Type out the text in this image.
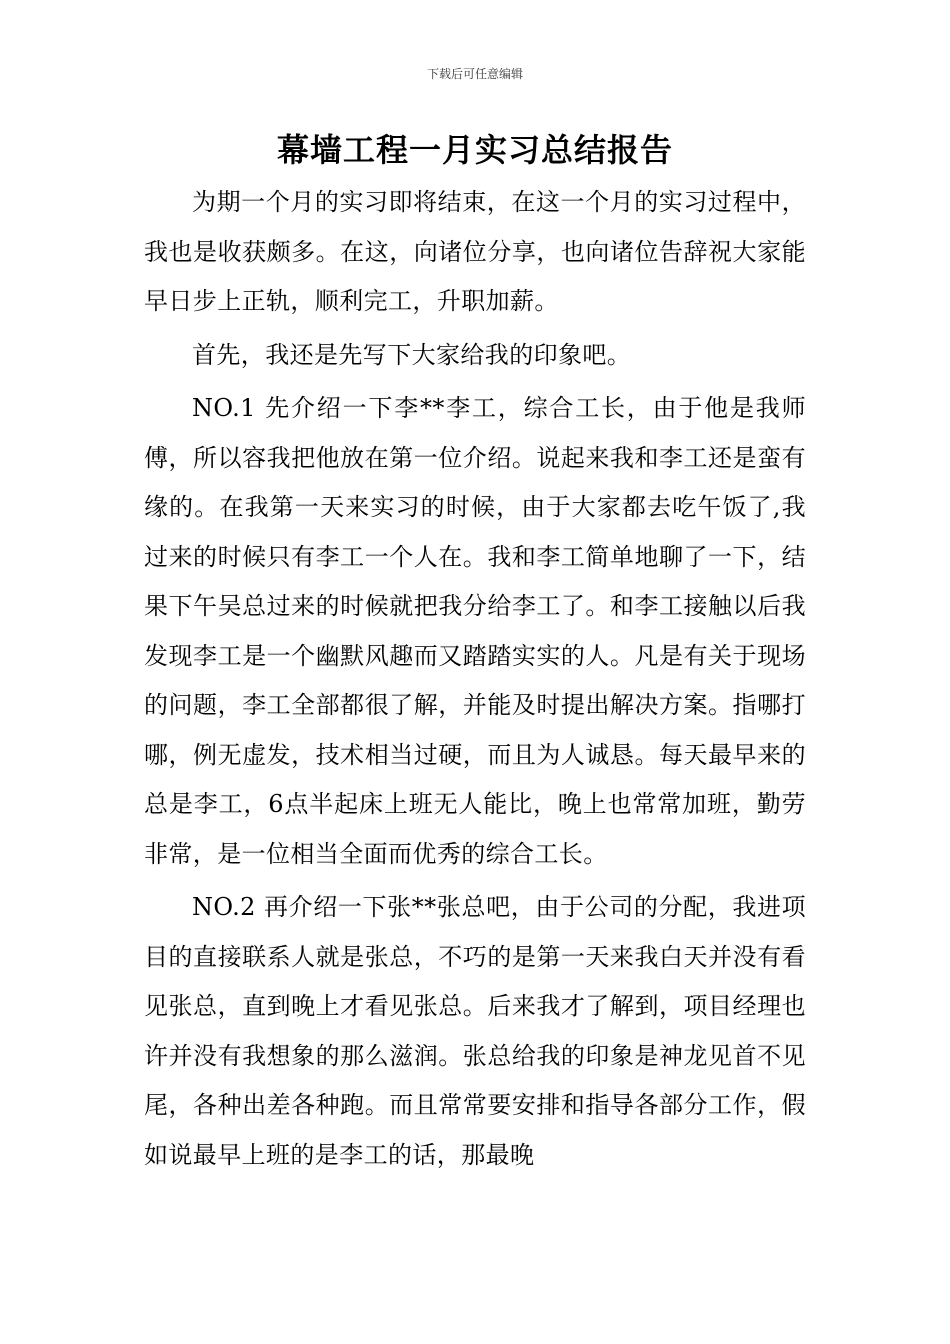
下载后可任意编辑
幕墙工程一月实习总结报告

为期一个月的实习即将结束，在这一个月的实习过程中，我也是收获颇多。在这，向诸位分享，也向诸位告辞祝大家能早日步上正轨，顺利完工，升职加薪。

首先，我还是先写下大家给我的印象吧。

NO.1 先介绍一下李**李工，综合工长，由于他是我师傅，所以容我把他放在第一位介绍。说起来我和李工还是蛮有缘的。在我第一天来实习的时候，由于大家都去吃午饭了,我过来的时候只有李工一个人在。我和李工简单地聊了一下，结果下午吴总过来的时候就把我分给李工了。和李工接触以后我发现李工是一个幽默风趣而又踏踏实实的人。凡是有关于现场的问题，李工全部都很了解，并能及时提出解决方案。指哪打哪，例无虚发，技术相当过硬，而且为人诚恳。每天最早来的总是李工，6点半起床上班无人能比，晚上也常常加班，勤劳非常，是一位相当全面而优秀的综合工长。

NO.2 再介绍一下张**张总吧，由于公司的分配，我进项目的直接联系人就是张总，不巧的是第一天来我白天并没有看见张总，直到晚上才看见张总。后来我才了解到，项目经理也许并没有我想象的那么滋润。张总给我的印象是神龙见首不见尾，各种出差各种跑。而且常常要安排和指导各部分工作，假如说最早上班的是李工的话，那最晚
